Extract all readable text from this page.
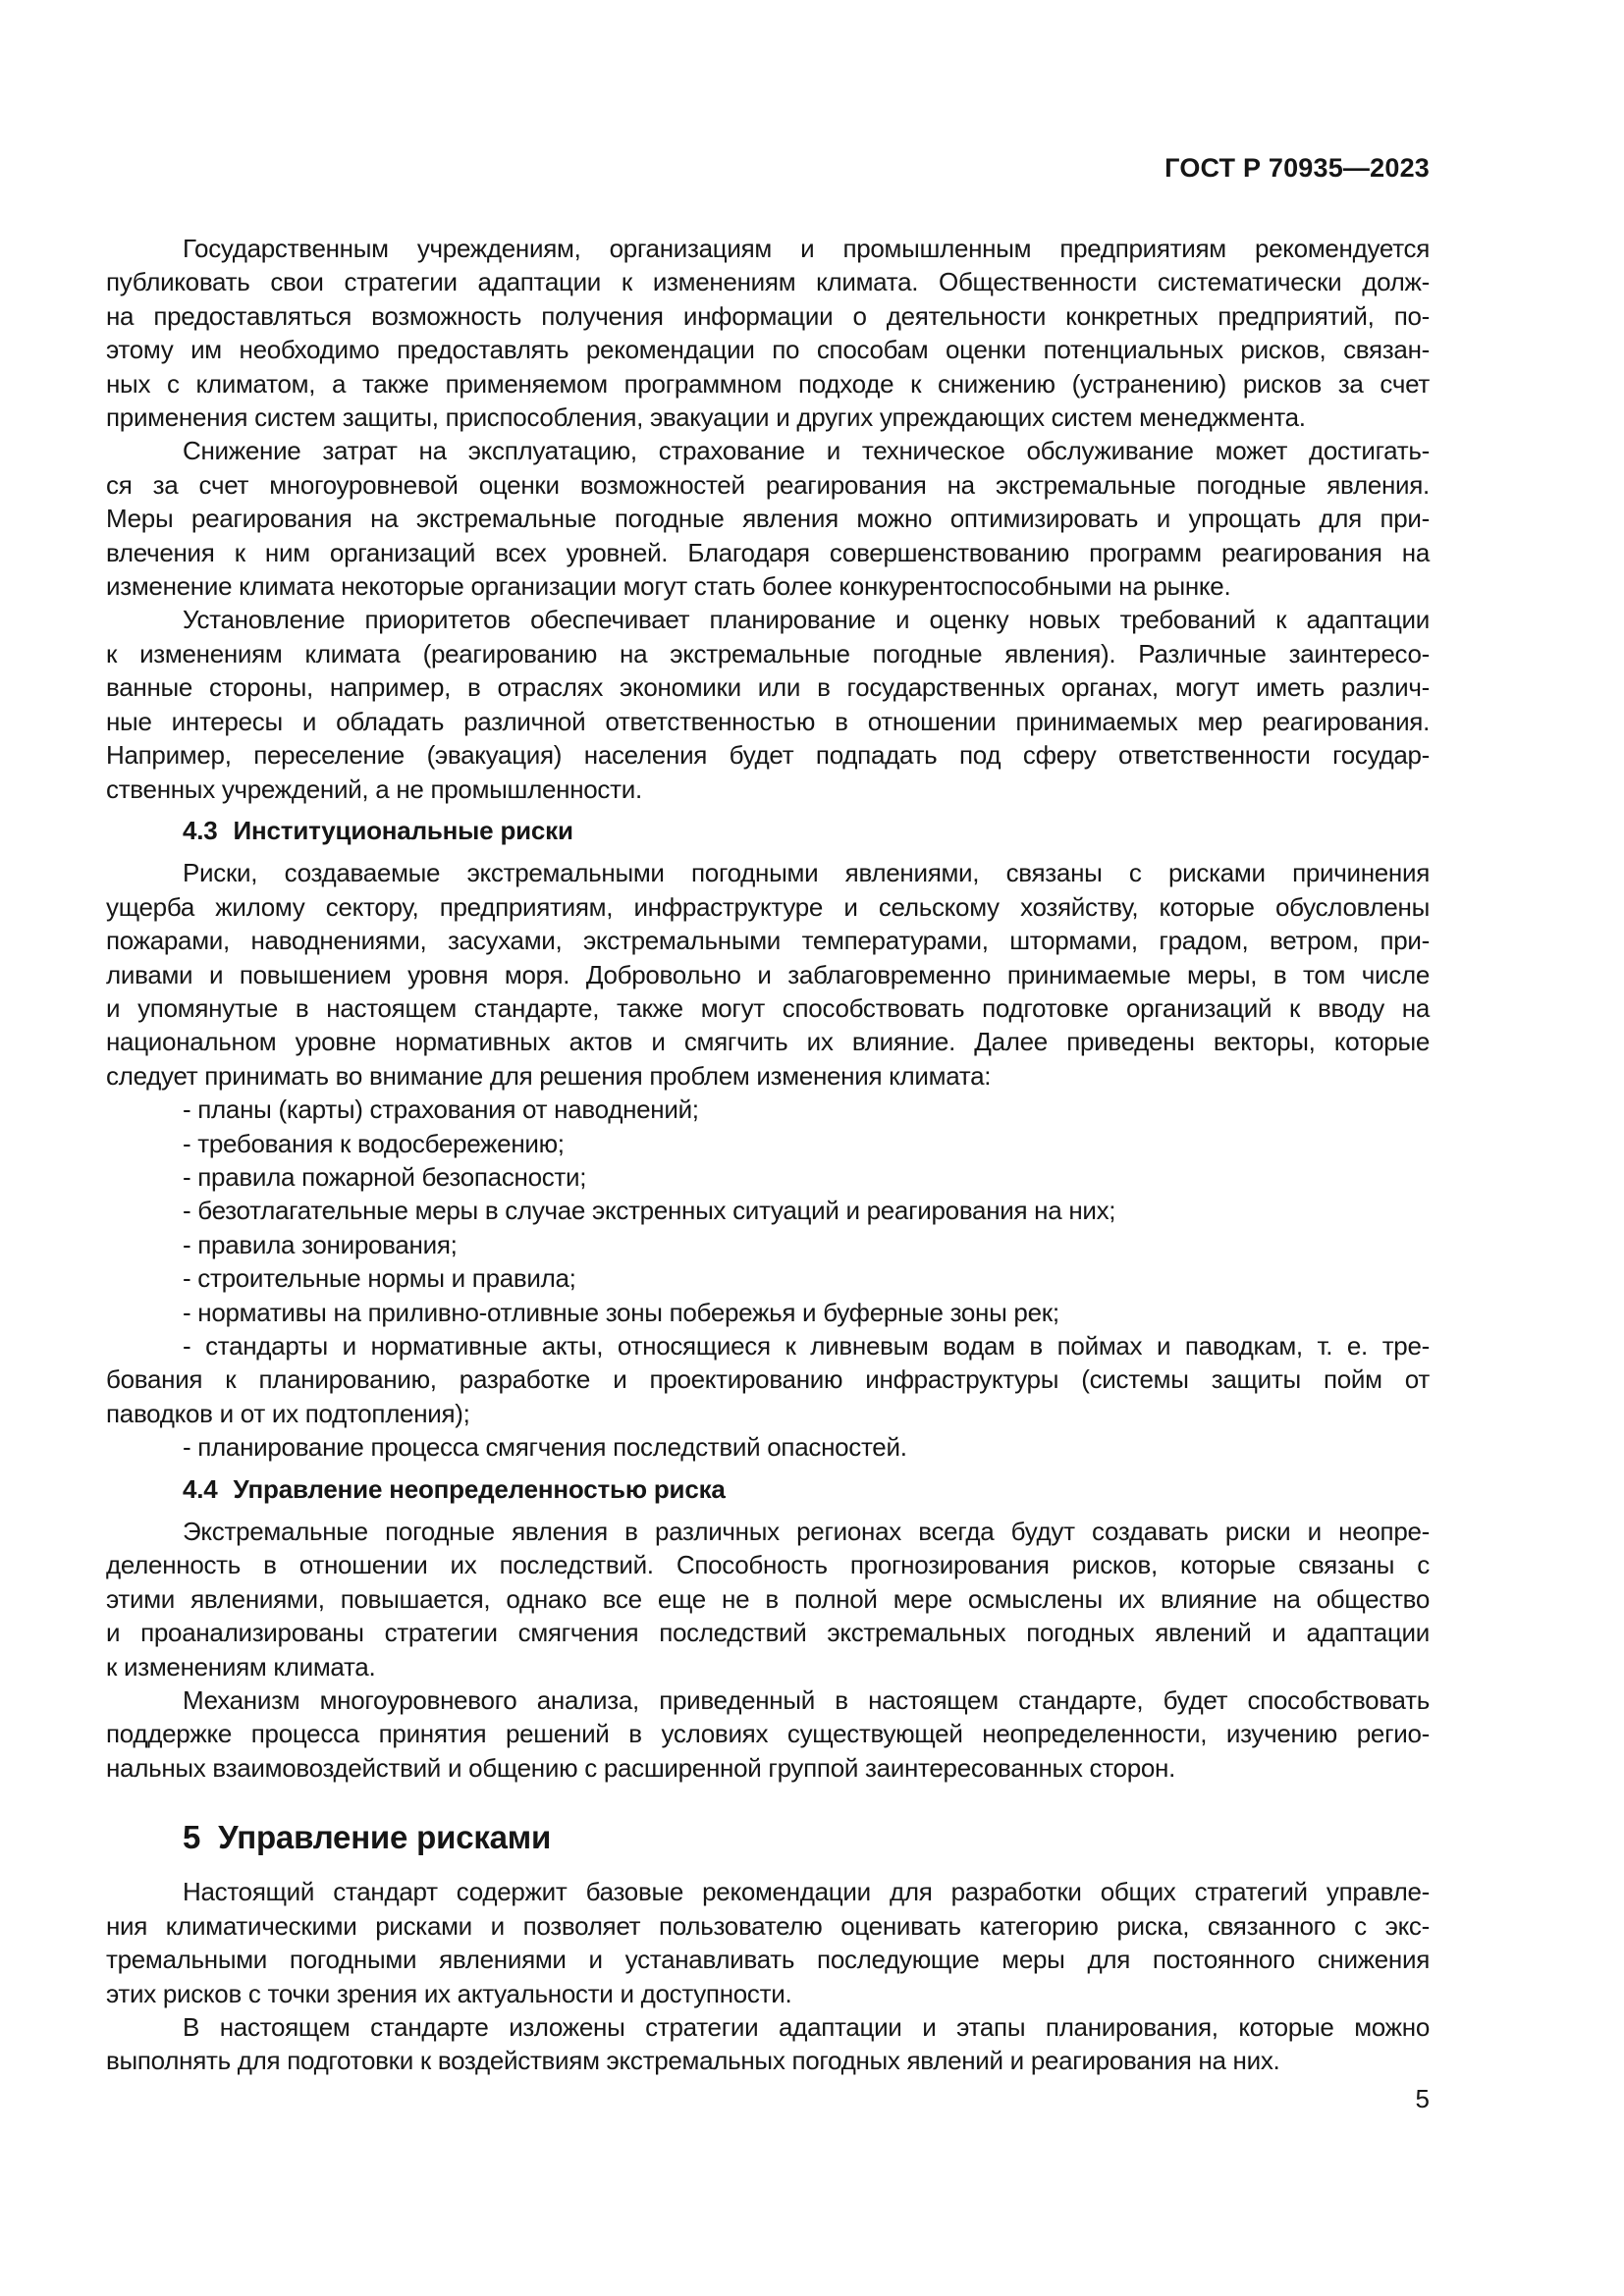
ГОСТ Р 70935—2023
Государственным учреждениям, организациям и промышленным предприятиям рекомендуется
публиковать свои стратегии адаптации к изменениям климата. Общественности систематически долж-
на предоставляться возможность получения информации о деятельности конкретных предприятий, по-
этому им необходимо предоставлять рекомендации по способам оценки потенциальных рисков, связан-
ных с климатом, а также применяемом программном подходе к снижению (устранению) рисков за счет
применения систем защиты, приспособления, эвакуации и других упреждающих систем менеджмента.
Снижение затрат на эксплуатацию, страхование и техническое обслуживание может достигать-
ся за счет многоуровневой оценки возможностей реагирования на экстремальные погодные явления.
Меры реагирования на экстремальные погодные явления можно оптимизировать и упрощать для при-
влечения к ним организаций всех уровней. Благодаря совершенствованию программ реагирования на
изменение климата некоторые организации могут стать более конкурентоспособными на рынке.
Установление приоритетов обеспечивает планирование и оценку новых требований к адаптации
к изменениям климата (реагированию на экстремальные погодные явления). Различные заинтересо-
ванные стороны, например, в отраслях экономики или в государственных органах, могут иметь различ-
ные интересы и обладать различной ответственностью в отношении принимаемых мер реагирования.
Например, переселение (эвакуация) населения будет подпадать под сферу ответственности государ-
ственных учреждений, а не промышленности.
4.3 Институциональные риски
Риски, создаваемые экстремальными погодными явлениями, связаны с рисками причинения
ущерба жилому сектору, предприятиям, инфраструктуре и сельскому хозяйству, которые обусловлены
пожарами, наводнениями, засухами, экстремальными температурами, штормами, градом, ветром, при-
ливами и повышением уровня моря. Добровольно и заблаговременно принимаемые меры, в том числе
и упомянутые в настоящем стандарте, также могут способствовать подготовке организаций к вводу на
национальном уровне нормативных актов и смягчить их влияние. Далее приведены векторы, которые
следует принимать во внимание для решения проблем изменения климата:
- планы (карты) страхования от наводнений;
- требования к водосбережению;
- правила пожарной безопасности;
- безотлагательные меры в случае экстренных ситуаций и реагирования на них;
- правила зонирования;
- строительные нормы и правила;
- нормативы на приливно-отливные зоны побережья и буферные зоны рек;
- стандарты и нормативные акты, относящиеся к ливневым водам в поймах и паводкам, т. е. тре-
бования к планированию, разработке и проектированию инфраструктуры (системы защиты пойм от
паводков и от их подтопления);
- планирование процесса смягчения последствий опасностей.
4.4 Управление неопределенностью риска
Экстремальные погодные явления в различных регионах всегда будут создавать риски и неопре-
деленность в отношении их последствий. Способность прогнозирования рисков, которые связаны с
этими явлениями, повышается, однако все еще не в полной мере осмыслены их влияние на общество
и проанализированы стратегии смягчения последствий экстремальных погодных явлений и адаптации
к изменениям климата.
Механизм многоуровневого анализа, приведенный в настоящем стандарте, будет способствовать
поддержке процесса принятия решений в условиях существующей неопределенности, изучению регио-
нальных взаимовоздействий и общению с расширенной группой заинтересованных сторон.
5 Управление рисками
Настоящий стандарт содержит базовые рекомендации для разработки общих стратегий управле-
ния климатическими рисками и позволяет пользователю оценивать категорию риска, связанного с экс-
тремальными погодными явлениями и устанавливать последующие меры для постоянного снижения
этих рисков с точки зрения их актуальности и доступности.
В настоящем стандарте изложены стратегии адаптации и этапы планирования, которые можно
выполнять для подготовки к воздействиям экстремальных погодных явлений и реагирования на них.
5
